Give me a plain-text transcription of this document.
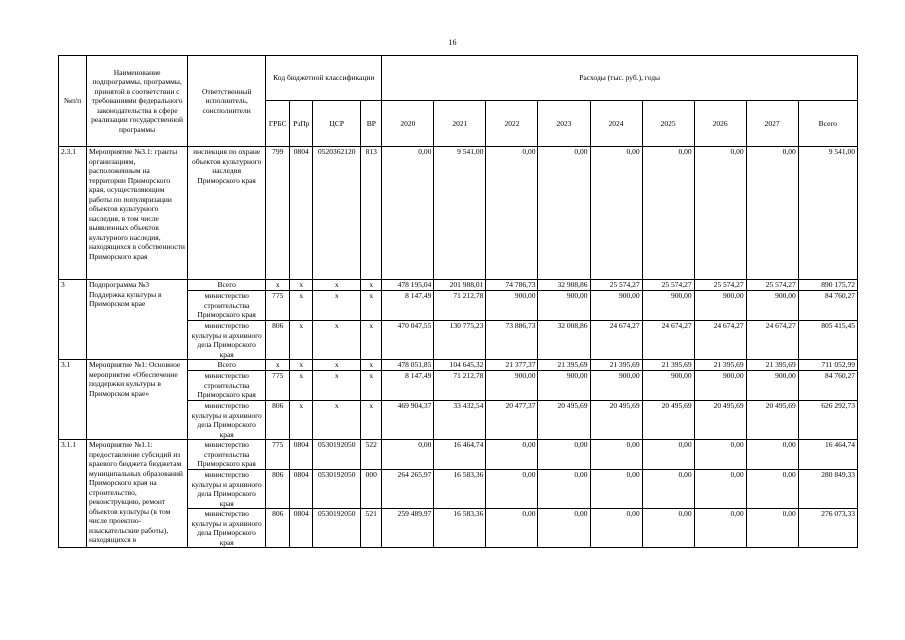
16
№п/п	Наименование подпрограммы, программы, принятой в соответствии с требованиями федерального законодательства в сфере реализации государственной программы	Ответственный исполнитель, соисполнители	Код бюджетной классификации				Расходы (тыс. руб.), годы								
			ГРБС	РзПр	ЦСР	ВР	2020	2021	2022	2023	2024	2025	2026	2027	Всего
2.3.1	Мероприятие №3.1: гранты организациям, расположенным на территории Приморского края, осуществляющим работы по популяризации объектов культурного наследия, в том числе выявленных объектов культурного наследия, находящихся в собственности Приморского края	инспекция по охране объектов культурного наследия Приморского края	799	0804	0520362120	813	0,00	9 541,00	0,00	0,00	0,00	0,00	0,00	0,00	9 541,00
3	Подпрограмма №3 Поддержка культуры в Приморском крае	Всего	x	x	x	x	478 195,04	201 988,01	74 786,73	32 908,86	25 574,27	25 574,27	25 574,27	25 574,27	890 175,72
		министерство строительства Приморского края	775	x	x	x	8 147,49	71 212,78	900,00	900,00	900,00	900,00	900,00	900,00	84 760,27
		министерство культуры и архивного дела Приморского края	806	x	x	x	470 047,55	130 775,23	73 886,73	32 008,86	24 674,27	24 674,27	24 674,27	24 674,27	805 415,45
3.1	Мероприятие №1: Основное мероприятие «Обеспечение поддержки культуры в Приморском крае»	Всего	x	x	x	x	478 051,85	104 645,32	21 377,37	21 395,69	21 395,69	21 395,69	21 395,69	21 395,69	711 052,99
		министерство строительства Приморского края	775	x	x	x	8 147,49	71 212,78	900,00	900,00	900,00	900,00	900,00	900,00	84 760,27
		министерство культуры и архивного дела Приморского края	806	x	x	x	469 904,37	33 432,54	20 477,37	20 495,69	20 495,69	20 495,69	20 495,69	20 495,69	626 292,73
3.1.1	Мероприятие №1.1: предоставление субсидий из краевого бюджета бюджетам муниципальных образований Приморского края на строительство, реконструкцию, ремонт объектов культуры (в том числе проектно-изыскательские работы), находящихся в	министерство строительства Приморского края	775	0804	0530192050	522	0,00	16 464,74	0,00	0,00	0,00	0,00	0,00	0,00	16 464,74
		министерство культуры и архивного дела Приморского края	806	0804	0530192050	000	264 265,97	16 583,36	0,00	0,00	0,00	0,00	0,00	0,00	280 849,33
		министерство культуры и архивного дела Приморского края	806	0804	0530192050	521	259 489,97	16 583,36	0,00	0,00	0,00	0,00	0,00	0,00	276 073,33
